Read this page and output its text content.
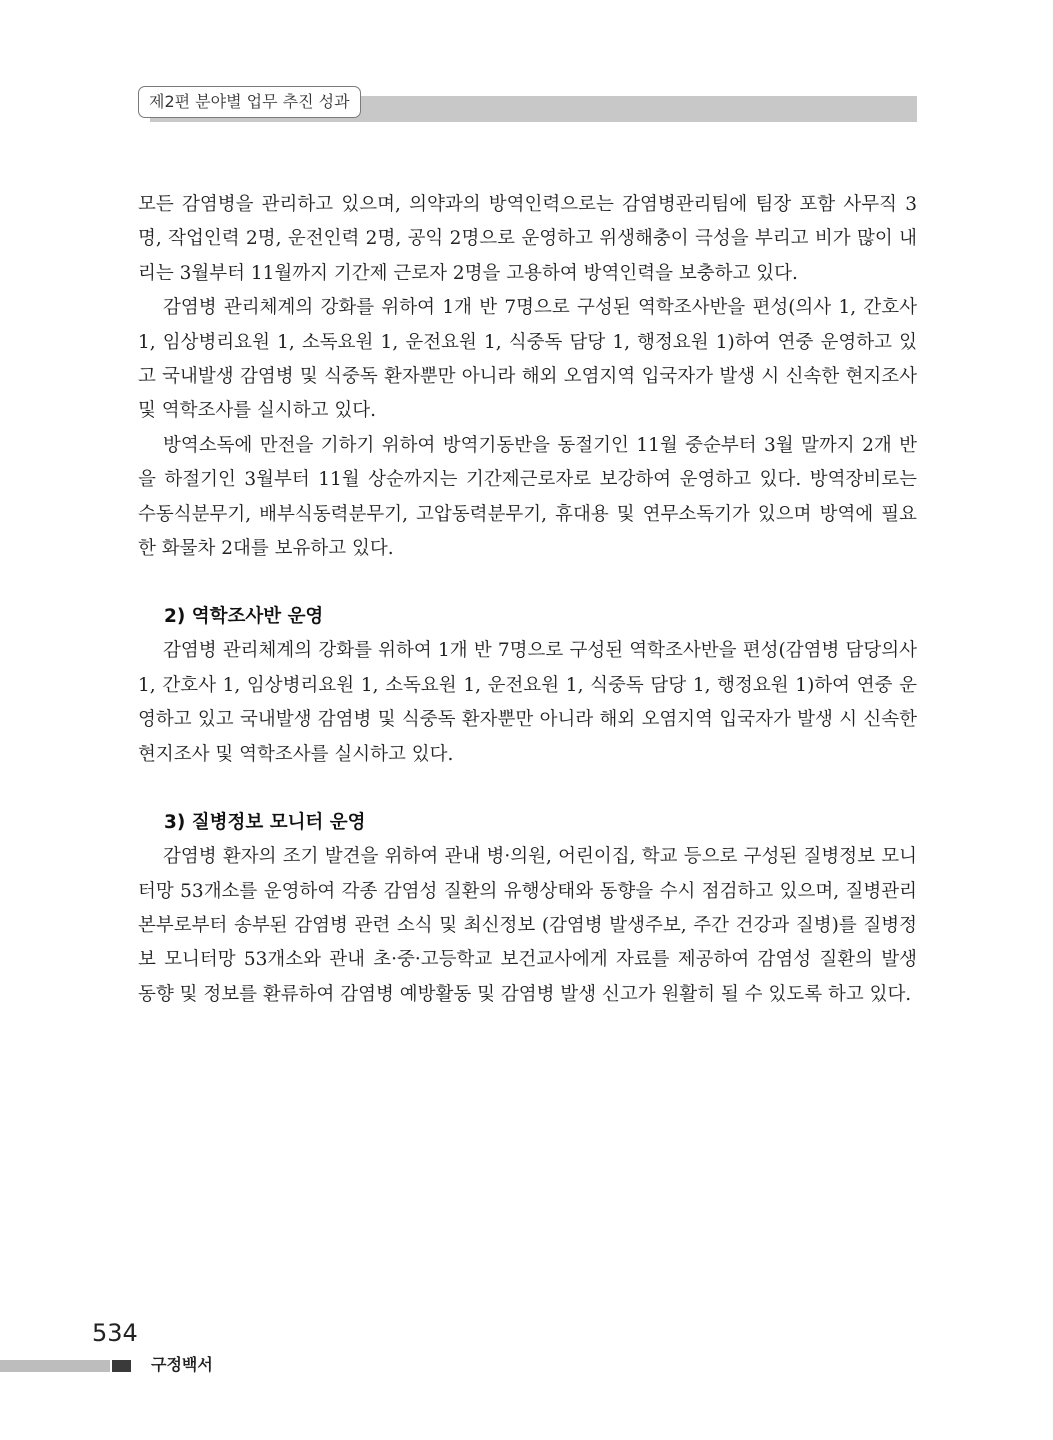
제2편 분야별 업무 추진 성과

모든 감염병을 관리하고 있으며, 의약과의 방역인력으로는 감염병관리팀에 팀장 포함 사무직 3명, 작업인력 2명, 운전인력 2명, 공익 2명으로 운영하고 위생해충이 극성을 부리고 비가 많이 내리는 3월부터 11월까지 기간제 근로자 2명을 고용하여 방역인력을 보충하고 있다.

감염병 관리체계의 강화를 위하여 1개 반 7명으로 구성된 역학조사반을 편성(의사 1, 간호사 1, 임상병리요원 1, 소독요원 1, 운전요원 1, 식중독 담당 1, 행정요원 1)하여 연중 운영하고 있고 국내발생 감염병 및 식중독 환자뿐만 아니라 해외 오염지역 입국자가 발생 시 신속한 현지조사 및 역학조사를 실시하고 있다.

방역소독에 만전을 기하기 위하여 방역기동반을 동절기인 11월 중순부터 3월 말까지 2개 반을 하절기인 3월부터 11월 상순까지는 기간제근로자로 보강하여 운영하고 있다. 방역장비로는 수동식분무기, 배부식동력분무기, 고압동력분무기, 휴대용 및 연무소독기가 있으며 방역에 필요한 화물차 2대를 보유하고 있다.

2) 역학조사반 운영

감염병 관리체계의 강화를 위하여 1개 반 7명으로 구성된 역학조사반을 편성(감염병 담당의사 1, 간호사 1, 임상병리요원 1, 소독요원 1, 운전요원 1, 식중독 담당 1, 행정요원 1)하여 연중 운영하고 있고 국내발생 감염병 및 식중독 환자뿐만 아니라 해외 오염지역 입국자가 발생 시 신속한 현지조사 및 역학조사를 실시하고 있다.

3) 질병정보 모니터 운영

감염병 환자의 조기 발견을 위하여 관내 병·의원, 어린이집, 학교 등으로 구성된 질병정보 모니터망 53개소를 운영하여 각종 감염성 질환의 유행상태와 동향을 수시 점검하고 있으며, 질병관리본부로부터 송부된 감염병 관련 소식 및 최신정보 (감염병 발생주보, 주간 건강과 질병)를 질병정보 모니터망 53개소와 관내 초·중·고등학교 보건교사에게 자료를 제공하여 감염성 질환의 발생 동향 및 정보를 환류하여 감염병 예방활동 및 감염병 발생 신고가 원활히 될 수 있도록 하고 있다.

534
구정백서
